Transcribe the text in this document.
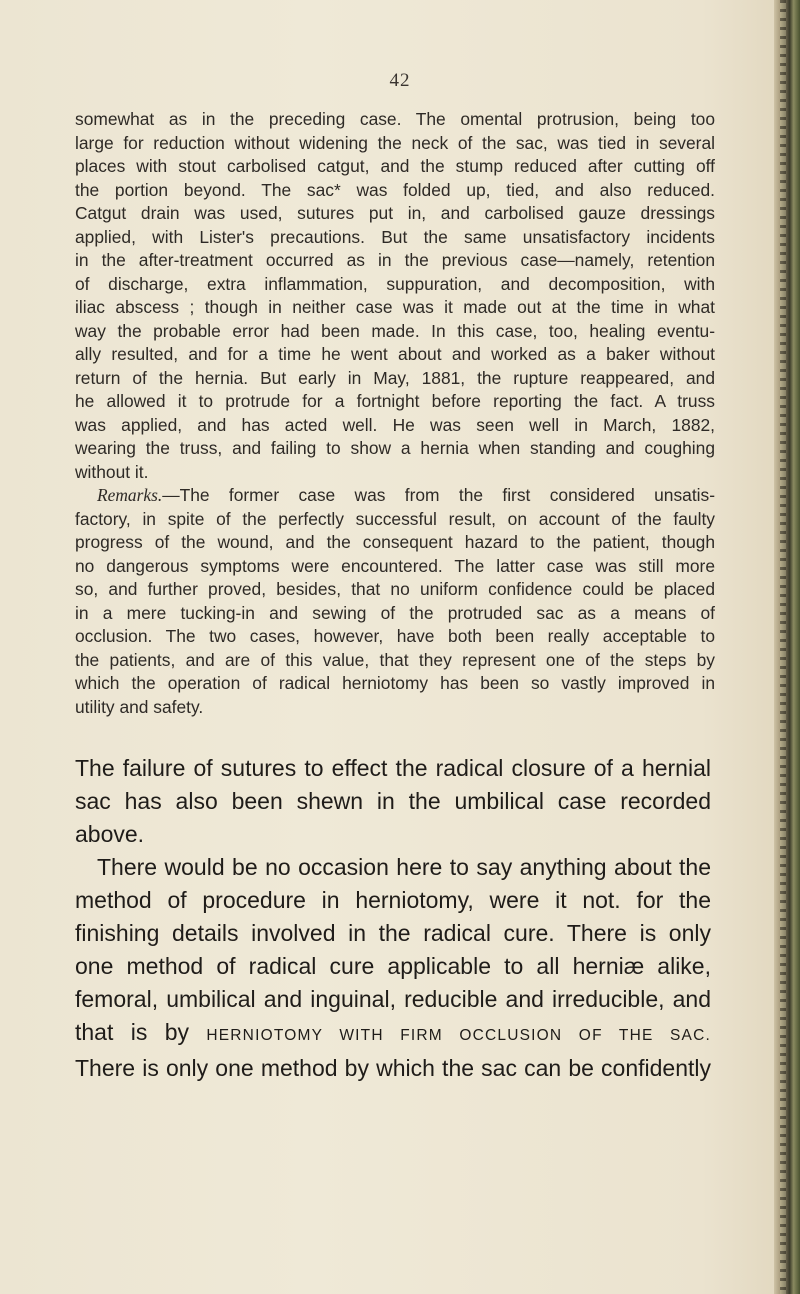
42

somewhat as in the preceding case. The omental protrusion, being too

large for reduction without widening the neck of the sac, was tied in several

places with stout carbolised catgut, and the stump reduced after cutting off

the portion beyond. The sac* was folded up, tied, and also reduced.

Catgut drain was used, sutures put in, and carbolised gauze dressings

applied, with Lister's precautions. But the same unsatisfactory incidents

in the after-treatment occurred as in the previous case—namely, retention

of discharge, extra inflammation, suppuration, and decomposition, with

iliac abscess ; though in neither case was it made out at the time in what

way the probable error had been made. In this case, too, healing eventu-

ally resulted, and for a time he went about and worked as a baker without

return of the hernia. But early in May, 1881, the rupture reappeared, and

he allowed it to protrude for a fortnight before reporting the fact. A truss

was applied, and has acted well. He was seen well in March, 1882,

wearing the truss, and failing to show a hernia when standing and coughing

without it.

Remarks.—The former case was from the first considered unsatis-

factory, in spite of the perfectly successful result, on account of the faulty

progress of the wound, and the consequent hazard to the patient, though

no dangerous symptoms were encountered. The latter case was still more

so, and further proved, besides, that no uniform confidence could be placed

in a mere tucking-in and sewing of the protruded sac as a means of

occlusion. The two cases, however, have both been really acceptable to

the patients, and are of this value, that they represent one of the steps by

which the operation of radical herniotomy has been so vastly improved in

utility and safety.

The failure of sutures to effect the radical closure of a hernial

sac has also been shewn in the umbilical case recorded above.

There would be no occasion here to say anything about the

method of procedure in herniotomy, were it not. for the

finishing details involved in the radical cure. There is only

one method of radical cure applicable to all herniæ alike,

femoral, umbilical and inguinal, reducible and irreducible, and

that is by HERNIOTOMY WITH FIRM OCCLUSION OF THE SAC.

There is only one method by which the sac can be confidently
